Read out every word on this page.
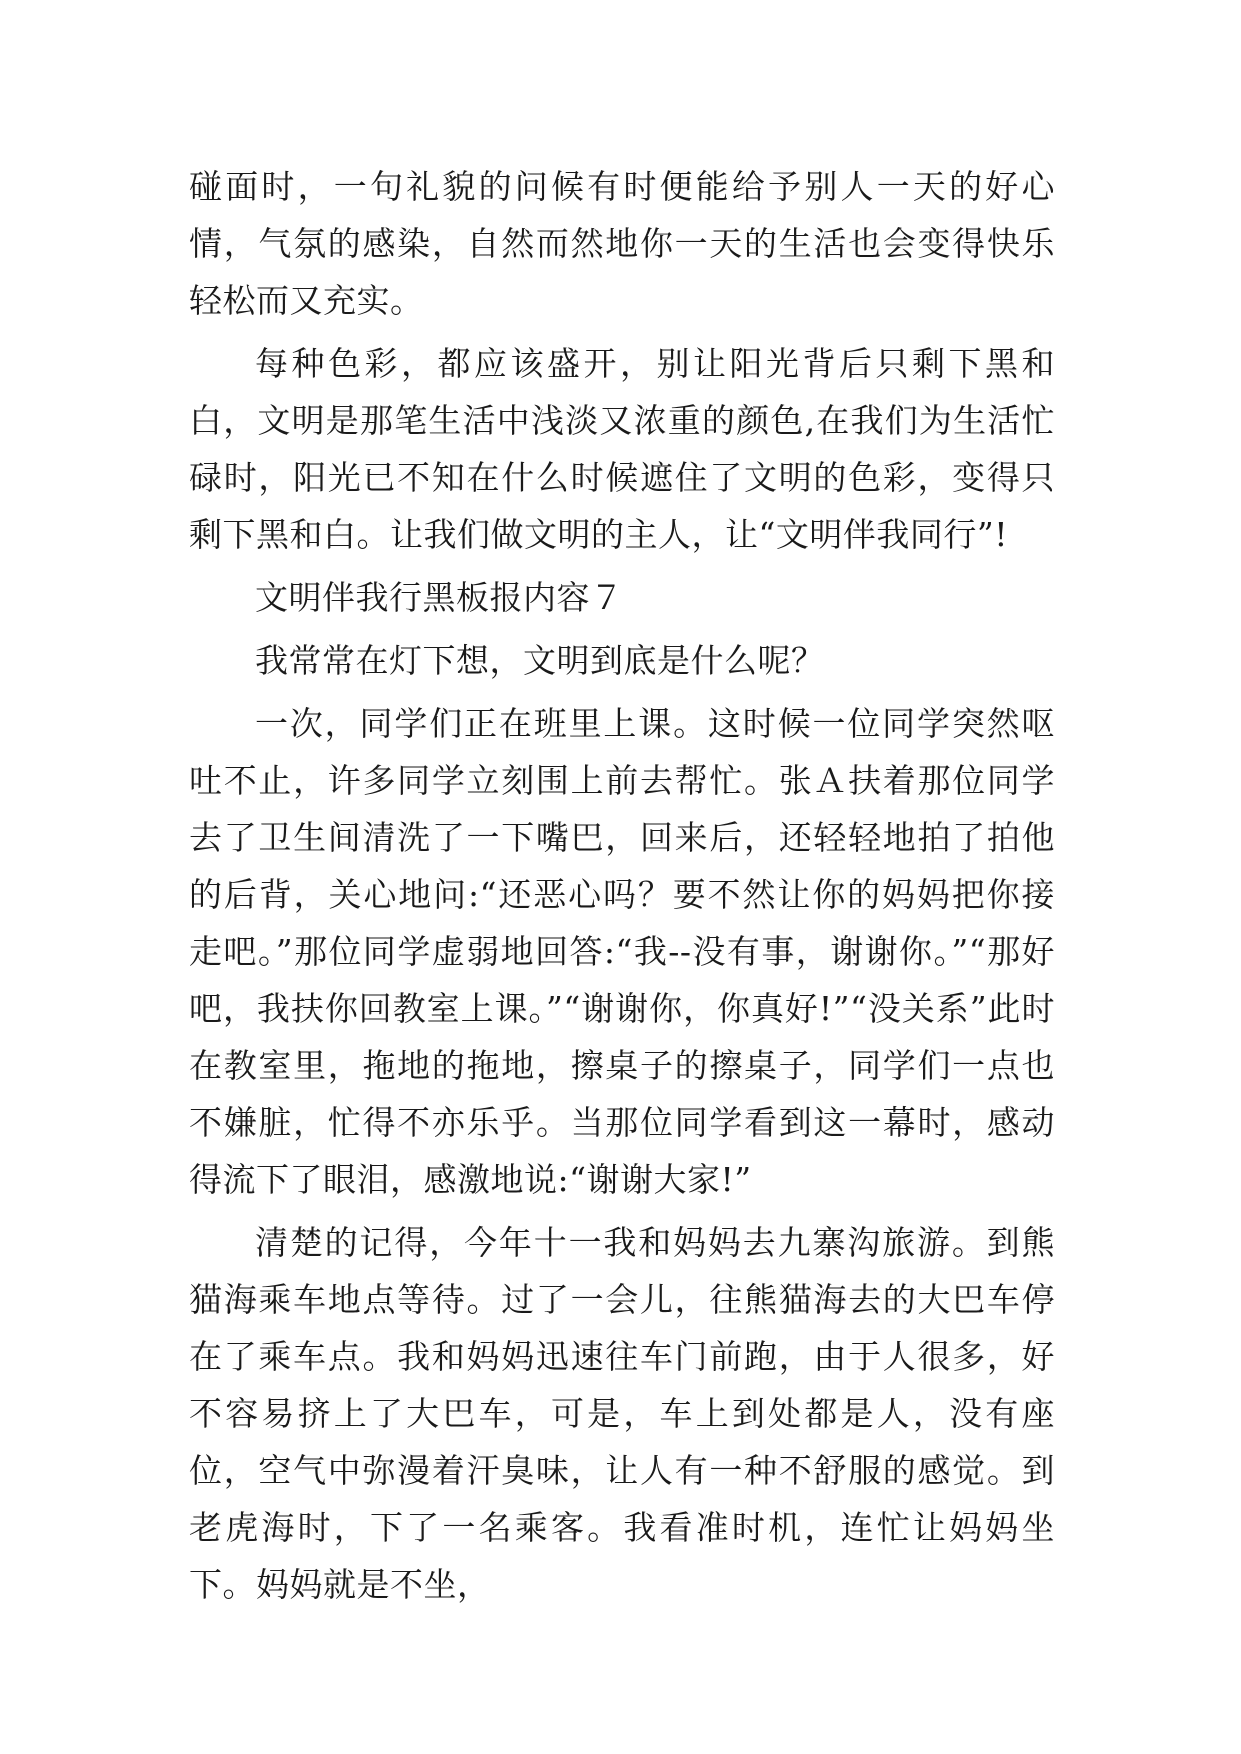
碰面时，一句礼貌的问候有时便能给予别人一天的好心情，气氛的感染，自然而然地你一天的生活也会变得快乐轻松而又充实。

每种色彩，都应该盛开，别让阳光背后只剩下黑和白，文明是那笔生活中浅淡又浓重的颜色,在我们为生活忙碌时，阳光已不知在什么时候遮住了文明的色彩，变得只剩下黑和白。让我们做文明的主人，让“文明伴我同行”!

文明伴我行黑板报内容７

我常常在灯下想，文明到底是什么呢？

一次，同学们正在班里上课。这时候一位同学突然呕吐不止，许多同学立刻围上前去帮忙。张Ａ扶着那位同学去了卫生间清洗了一下嘴巴，回来后，还轻轻地拍了拍他的后背，关心地问:“还恶心吗？要不然让你的妈妈把你接走吧。”那位同学虚弱地回答:“我--没有事，谢谢你。”“那好吧，我扶你回教室上课。”“谢谢你，你真好!”“没关系”此时在教室里，拖地的拖地，擦桌子的擦桌子，同学们一点也不嫌脏，忙得不亦乐乎。当那位同学看到这一幕时，感动得流下了眼泪，感激地说:“谢谢大家!”

清楚的记得，今年十一我和妈妈去九寨沟旅游。到熊猫海乘车地点等待。过了一会儿，往熊猫海去的大巴车停在了乘车点。我和妈妈迅速往车门前跑，由于人很多，好不容易挤上了大巴车，可是，车上到处都是人，没有座位，空气中弥漫着汗臭味，让人有一种不舒服的感觉。到老虎海时，下了一名乘客。我看准时机，连忙让妈妈坐下。妈妈就是不坐，
